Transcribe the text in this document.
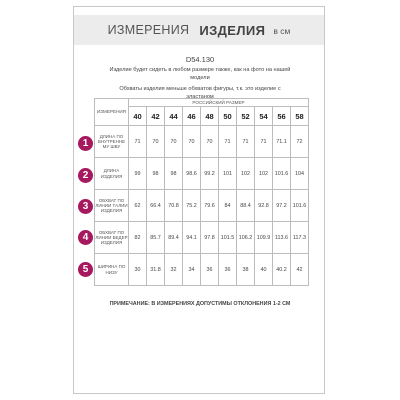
ИЗМЕРЕНИЯ ИЗДЕЛИЯ в см
D54.130
Изделие будет сидеть в любом размере также, как на фото на нашей
модели
Обхваты изделия меньше обхватов фигуры, т.к. это изделие с
эластаном
ИЗМЕРЕНИЯ	РОССИЙСКИЙ РАЗМЕР									
	40	42	44	46	48	50	52	54	56	58
ДЛИНА ПО ВНУТРЕННЕ МУ ШВУ	71	70	70	70	70	71	71	71	71.1	72
ДЛИНА ИЗДЕЛИЯ	99	98	98	98.6	99.2	101	102	102	101.6	104
ОБХВАТ ПО ЛИНИИ ТАЛИИ ИЗДЕЛИЯ	62	66.4	70.8	75.2	79.6	84	88.4	92.8	97.2	101.6
ОБХВАТ ПО ЛИНИИ БЕДЕР ИЗДЕЛИЯ	82	85.7	89.4	94.1	97.8	101.5	106.2	109.9	113.6	117.3
ШИРИНА ПО НИЗУ	30	31.8	32	34	36	36	38	40	40.2	42
1
2
3
4
5
ПРИМЕЧАНИЕ: В ИЗМЕРЕНИЯХ ДОПУСТИМЫ ОТКЛОНЕНИЯ 1-2 СМ
